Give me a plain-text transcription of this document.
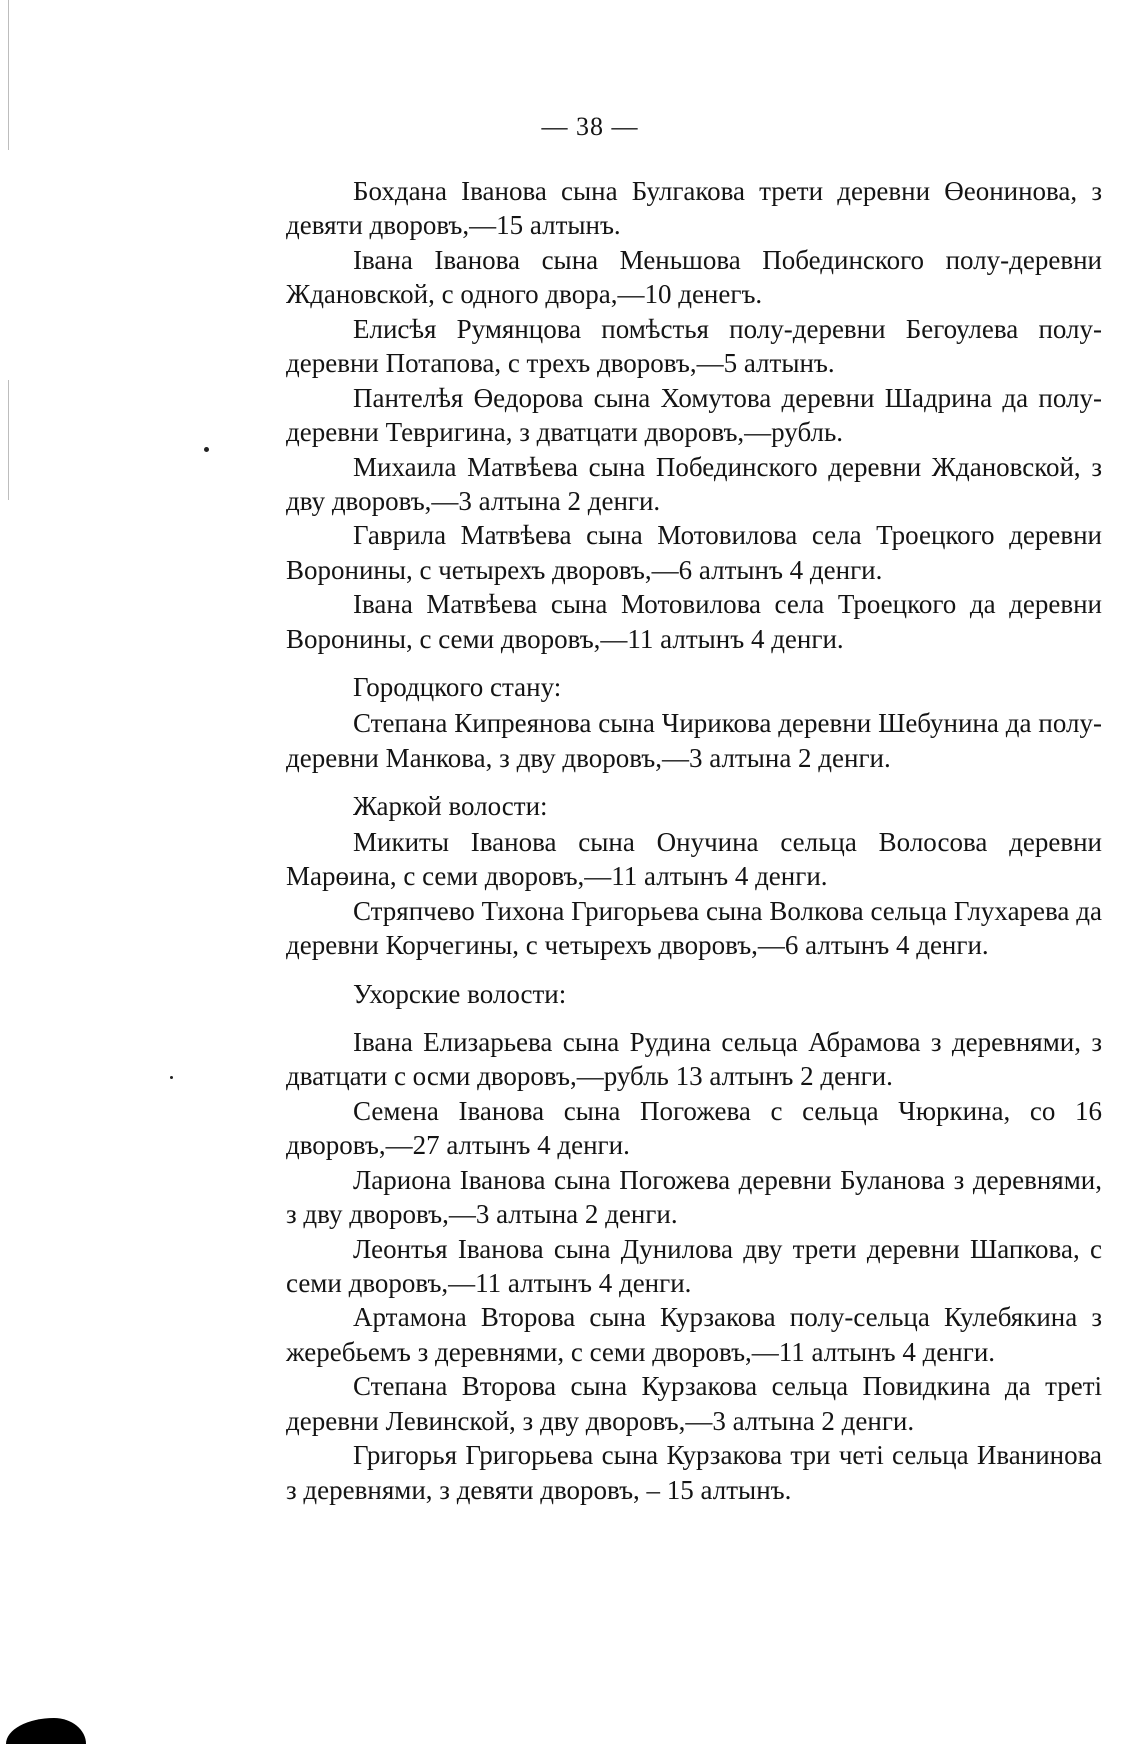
— 38 —

Бохдана Іванова сына Булгакова трети деревни Өеонинова, з девяти дворовъ,—15 алтынъ.

Івана Іванова сына Меньшова Побединского полу-деревни Ждановской, с одного двора,—10 денегъ.

Елисѣя Румянцова помѣстья полу-деревни Бегоулева полу-деревни Потапова, с трехъ дворовъ,—5 алтынъ.

Пантелѣя Өедорова сына Хомутова деревни Шадрина да полу-деревни Тевригина, з дватцати дворовъ,—рубль.

Михаила Матвѣева сына Побединского деревни Ждановской, з дву дворовъ,—3 алтына 2 денги.

Гаврила Матвѣева сына Мотовилова села Троецкого деревни Воронины, с четырехъ дворовъ,—6 алтынъ 4 денги.

Івана Матвѣева сына Мотовилова села Троецкого да деревни Воронины, с семи дворовъ,—11 алтынъ 4 денги.

Городцкого стану:

Степана Кипреянова сына Чирикова деревни Шебунина да полу-деревни Манкова, з дву дворовъ,—3 алтына 2 денги.

Жаркой волости:

Микиты Іванова сына Онучина сельца Волосова деревни Марөина, с семи дворовъ,—11 алтынъ 4 денги.

Стряпчево Тихона Григорьева сына Волкова сельца Глухарева да деревни Корчегины, с четырехъ дворовъ,—6 алтынъ 4 денги.

Ухорские волости:

Івана Елизарьева сына Рудина сельца Абрамова з деревнями, з дватцати с осми дворовъ,—рубль 13 алтынъ 2 денги.

Семена Іванова сына Погожева с сельца Чюркина, со 16 дворовъ,—27 алтынъ 4 денги.

Лариона Іванова сына Погожева деревни Буланова з деревнями, з дву дворовъ,—3 алтына 2 денги.

Леонтья Іванова сына Дунилова дву трети деревни Шапкова, с семи дворовъ,—11 алтынъ 4 денги.

Артамона Второва сына Курзакова полу-сельца Кулебякина з жеребьемъ з деревнями, с семи дворовъ,—11 алтынъ 4 денги.

Степана Второва сына Курзакова сельца Повидкина да третi деревни Левинской, з дву дворовъ,—3 алтына 2 денги.

Григорья Григорьева сына Курзакова три четi сельца Иванинова з деревнями, з девяти дворовъ, – 15 алтынъ.
